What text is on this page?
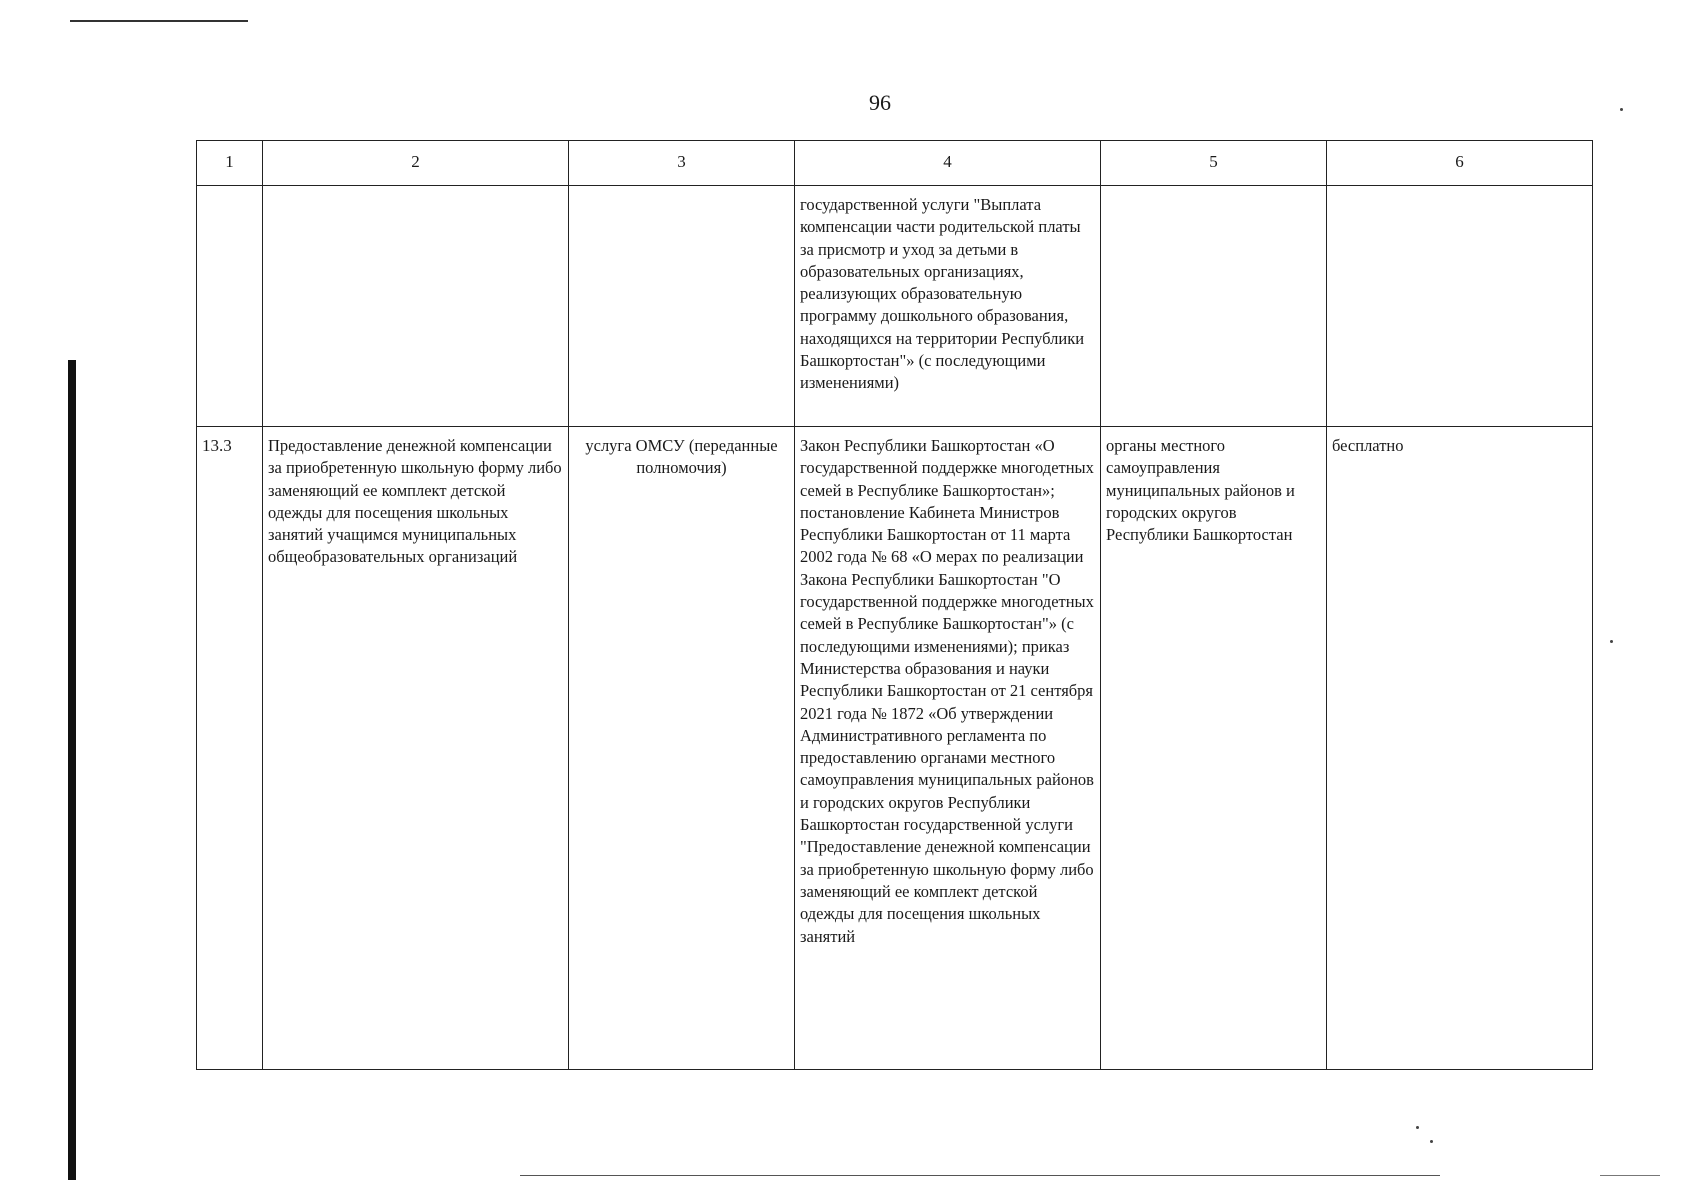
96
1	2	3	4	5	6
			государственной услуги "Выплата компенсации части родительской платы за присмотр и уход за детьми в образовательных организациях, реализующих образовательную программу дошкольного образования, находящихся на территории Республики Башкортостан"» (с последующими изменениями)		
13.3	Предоставление денежной компенсации за приобретенную школьную форму либо заменяющий ее комплект детской одежды для посещения школьных занятий учащимся муниципальных общеобразовательных организаций	услуга ОМСУ (переданные полномочия)	Закон Республики Башкортостан «О государственной поддержке многодетных семей в Республике Башкортостан»; постановление Кабинета Министров Республики Башкортостан от 11 марта 2002 года № 68 «О мерах по реализации Закона Республики Башкортостан "О государственной поддержке многодетных семей в Республике Башкортостан"» (с последующими изменениями); приказ Министерства образования и науки Республики Башкортостан от 21 сентября 2021 года № 1872 «Об утверждении Административного регламента по предоставлению органами местного самоуправления муниципальных районов и городских округов Республики Башкортостан государственной услуги "Предоставление денежной компенсации за приобретенную школьную форму либо заменяющий ее комплект детской одежды для посещения школьных занятий	органы местного самоуправления муниципальных районов и городских округов Республики Башкортостан	бесплатно
